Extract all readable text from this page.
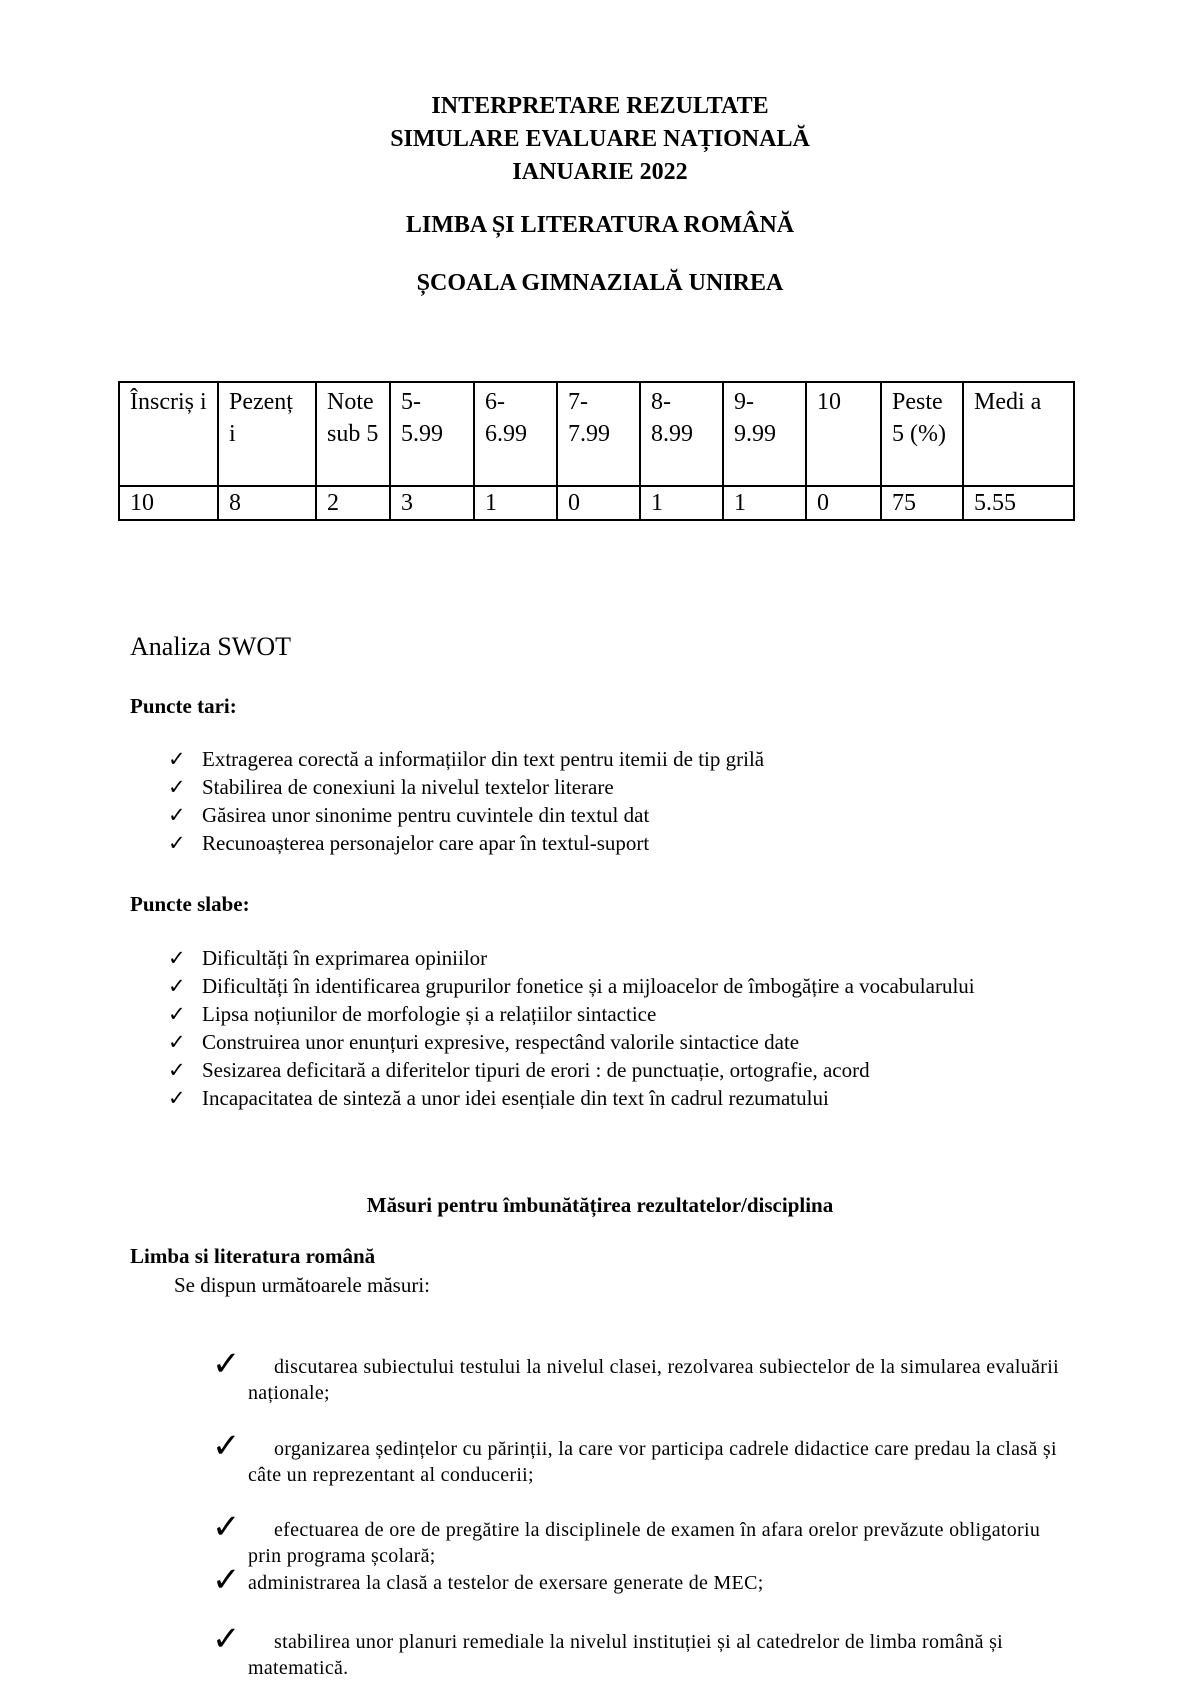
INTERPRETARE REZULTATE
SIMULARE EVALUARE NAȚIONALĂ
IANUARIE 2022
LIMBA ȘI LITERATURA ROMÂNĂ
ȘCOALA GIMNAZIALĂ UNIREA
Înscriș i	Pezenț i	Note sub 5	5- 5.99	6- 6.99	7- 7.99	8- 8.99	9- 9.99	10	Peste 5 (%)	Medi a
10	8	2	3	1	0	1	1	0	75	5.55
Analiza SWOT
Puncte tari:
✓ Extragerea corectă a informațiilor din text pentru itemii de tip grilă
✓ Stabilirea de conexiuni la nivelul textelor literare
✓ Găsirea unor sinonime pentru cuvintele din textul dat
✓ Recunoașterea personajelor care apar în textul-suport
Puncte slabe:
✓ Dificultăți în exprimarea opiniilor
✓ Dificultăți în identificarea grupurilor fonetice și a mijloacelor de îmbogățire a vocabularului
✓ Lipsa noțiunilor de morfologie și a relațiilor sintactice
✓ Construirea unor enunțuri expresive, respectând valorile sintactice date
✓ Sesizarea deficitară a diferitelor tipuri de erori : de punctuație, ortografie, acord
✓ Incapacitatea de sinteză a unor idei esențiale din text în cadrul rezumatului
Măsuri pentru îmbunătățirea rezultatelor/disciplina
Limba si literatura română
Se dispun următoarele măsuri:
✓	discutarea subiectului testului la nivelul clasei, rezolvarea subiectelor de la simularea evaluării naționale;
✓	organizarea ședințelor cu părinții, la care vor participa cadrele didactice care predau la clasă și câte un reprezentant al conducerii;
✓	efectuarea de ore de pregătire la disciplinele de examen în afara orelor prevăzute obligatoriu prin programa școlară;
✓ administrarea la clasă a testelor de exersare generate de MEC;
✓	stabilirea unor planuri remediale la nivelul instituției și al catedrelor de limba română și matematică.
